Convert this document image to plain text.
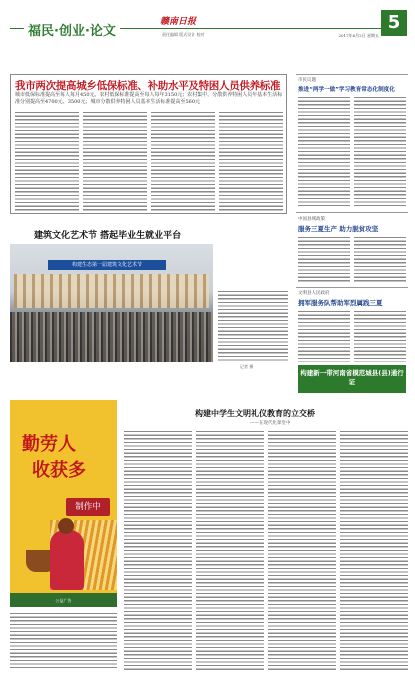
福民·创业·论文
赣南日报
责任编辑 版式设计 校对	2017年6月2日 星期五
5
我市两次提高城乡低保标准、补助水平及特困人员供养标准
城市低保标准提高至每人每月450元，农村低保标准提高至每人每年3150元；农村集中、分散供养特困人员年基本生活标准分别提高至4700元、3500元；城市分散供养特困人员基本生活标准提高至560元
建筑文化艺术节 搭起毕业生就业平台
构建生态第一届建筑文化艺术节
记者 摄
市民议题
推进“两学一做”学习教育常态化制度化
中国县域政策
服务三夏生产 助力脱贫攻坚
文明县人民政府
拥军服务队帮助军烈属践三夏
构建新一带河南省模范城县(县)通行证
勤劳人
收获多
制作中
公益广告
构建中学生文明礼仪教育的立交桥
——在现代化课堂中
